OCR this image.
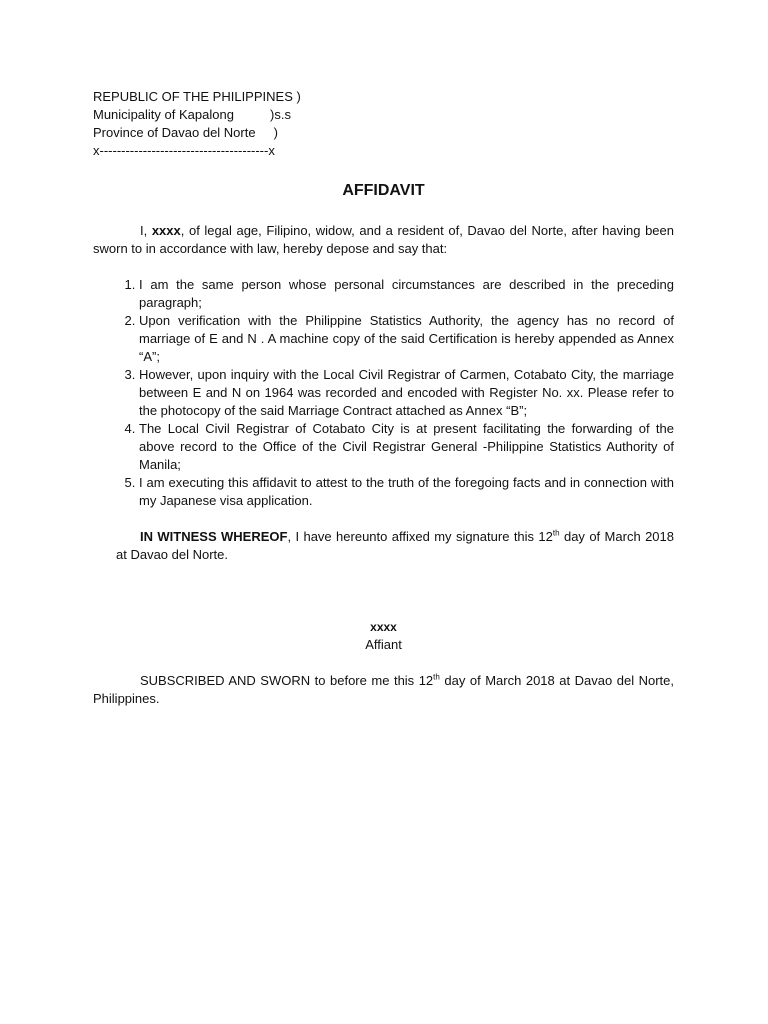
REPUBLIC OF THE PHILIPPINES )
Municipality of Kapalong          )s.s
Province of Davao del Norte     )
x---------------------------------------x
AFFIDAVIT

I, xxxx, of legal age, Filipino, widow, and a resident of, Davao del Norte, after having been sworn to in accordance with law, hereby depose and say that:

1. I am the same person whose personal circumstances are described in the preceding paragraph;
2. Upon verification with the Philippine Statistics Authority, the agency has no record of marriage of E and N . A machine copy of the said Certification is hereby appended as Annex “A”;
3. However, upon inquiry with the Local Civil Registrar of Carmen, Cotabato City, the marriage between E and N on 1964 was recorded and encoded with Register No. xx. Please refer to the photocopy of the said Marriage Contract attached as Annex “B”;
4. The Local Civil Registrar of Cotabato City is at present facilitating the forwarding of the above record to the Office of the Civil Registrar General -Philippine Statistics Authority of Manila;
5. I am executing this affidavit to attest to the truth of the foregoing facts and in connection with my Japanese visa application.

IN WITNESS WHEREOF, I have hereunto affixed my signature this 12th day of March 2018 at Davao del Norte.

xxxx
Affiant

SUBSCRIBED AND SWORN to before me this 12th day of March 2018 at Davao del Norte, Philippines.
